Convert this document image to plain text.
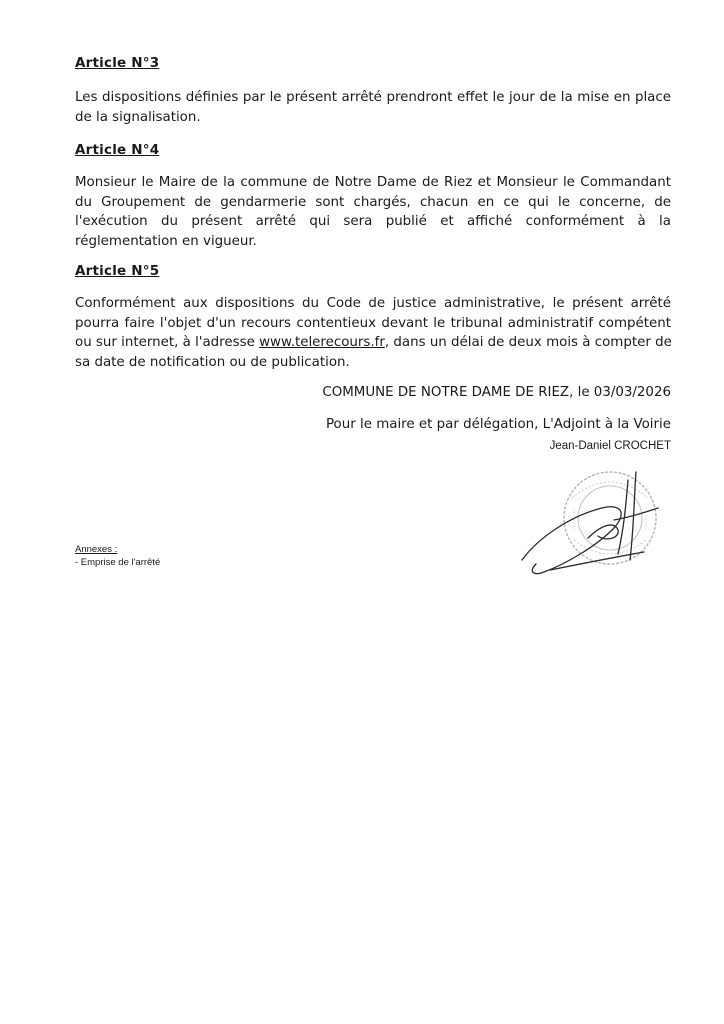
Article N°3
Les dispositions définies par le présent arrêté prendront effet le jour de la mise en place
de la signalisation.
Article N°4
Monsieur le Maire de la commune de Notre Dame de Riez et Monsieur le Commandant
du Groupement de gendarmerie sont chargés, chacun en ce qui le concerne, de
l'exécution du présent arrêté qui sera publié et affiché conformément à la
réglementation en vigueur.
Article N°5
Conformément aux dispositions du Code de justice administrative, le présent arrêté
pourra faire l'objet d'un recours contentieux devant le tribunal administratif compétent
ou sur internet, à l'adresse www.telerecours.fr, dans un délai de deux mois à compter de
sa date de notification ou de publication.
COMMUNE DE NOTRE DAME DE RIEZ, le 03/03/2026
Pour le maire et par délégation, L'Adjoint à la Voirie
Jean-Daniel CROCHET
Annexes :
- Emprise de l'arrêté
